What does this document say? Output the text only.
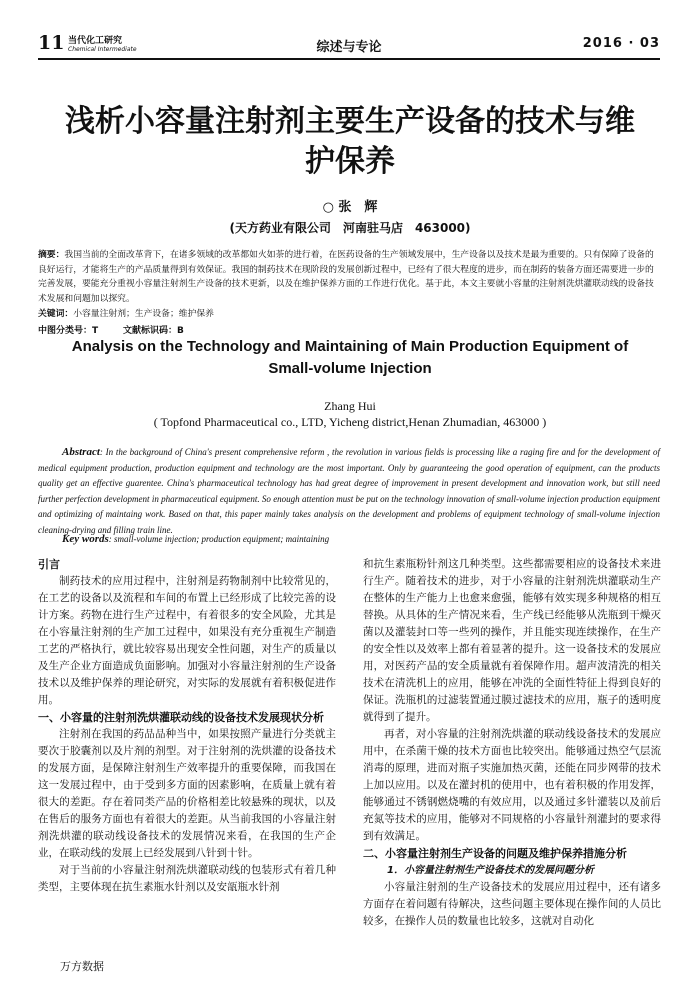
11 当代化工研究
Chemical Intermediate	综述与专论	2016 · 03
浅析小容量注射剂主要生产设备的技术与维护保养
○ 张　辉
(天方药业有限公司　河南驻马店　463000)
摘要：我国当前的全面改革背下，在诸多领域的改革都如火如荼的进行着，在医药设备的生产领域发展中，生产设备以及技术是最为重要的。只有保障了设备的良好运行，才能将生产的产品质量得到有效保证。我国的制药技术在现阶段的发展创新过程中，已经有了很大程度的进步，而在制药的装备方面还需要进一步的完善发展，要能充分重视小容量注射剂生产设备的技术更新，以及在维护保养方面的工作进行优化。基于此，本文主要就小容量的注射剂洗烘灌联动线的设备技术发展和问题加以探究。
关键词：小容量注射剂；生产设备；维护保养
中图分类号：T	文献标识码：B
Analysis on the Technology and Maintaining of Main Production Equipment of Small-volume Injection
Zhang Hui
( Topfond Pharmaceutical co., LTD, Yicheng district,Henan Zhumadian, 463000 )
Abstract: In the background of China's present comprehensive reform , the revolution in various fields is processing like a raging fire and for the development of medical equipment production, production equipment and technology are the most important. Only by guaranteeing the good operation of equipment, can the products quality get an effective guarentee. China's pharmaceutical technology has had great degree of improvement in present development and innovation work, but still need further perfection development in pharmaceutical equipment. So enough attention must be put on the technology innovation of small-volume injection production equipment and optimizing of maintaing work. Based on that, this paper mainly takes analysis on the development and problems of equipment technology of small-volume injection cleaning-drying and filling train line.
Key words: small-volume injection; production equipment; maintaining
引言

制药技术的应用过程中，注射剂是药物制剂中比较常见的，在工艺的设备以及流程和车间的布置上已经形成了比较完善的设计方案。药物在进行生产过程中，有着很多的安全风险，尤其是在小容量注射剂的生产加工过程中，如果没有充分重视生产制造工艺的严格执行，就比较容易出现安全性问题，对生产的质量以及生产企业方面造成负面影响。加强对小容量注射剂的生产设备技术以及维护保养的理论研究，对实际的发展就有着积极促进作用。

一、小容量的注射剂洗烘灌联动线的设备技术发展现状分析

注射剂在我国的药品品种当中，如果按照产量进行分类就主要次于胶囊剂以及片剂的剂型。对于注射剂的洗烘灌的设备技术的发展方面，是保障注射剂生产效率提升的重要保障，而我国在这一发展过程中，由于受到多方面的因素影响，在质量上就有着很大的差距。存在着同类产品的价格相差比较悬殊的现状，以及在售后的服务方面也有着很大的差距。从当前我国的小容量注射剂洗烘灌的联动线设备技术的发展情况来看，在我国的生产企业，在联动线的发展上已经发展到八针到十针。

对于当前的小容量注射剂洗烘灌联动线的包装形式有着几种类型，主要体现在抗生素瓶水针剂以及安瓿瓶水针剂

和抗生素瓶粉针剂这几种类型。这些都需要相应的设备技术来进行生产。随着技术的进步，对于小容量的注射剂洗烘灌联动生产在整体的生产能力上也愈来愈强，能够有效实现多种规格的相互替换。从具体的生产情况来看，生产线已经能够从洗瓶到干燥灭菌以及灌装封口等一些列的操作，并且能实现连续操作，在生产的安全性以及效率上都有着显著的提升。这一设备技术的发展应用，对医药产品的安全质量就有着保障作用。超声波清洗的相关技术在清洗机上的应用，能够在冲洗的全面性特征上得到良好的保证。洗瓶机的过滤装置通过膜过滤技术的应用，瓶子的透明度就得到了提升。

再者，对小容量的注射剂洗烘灌的联动线设备技术的发展应用中，在杀菌干燥的技术方面也比较突出。能够通过热空气层流消毒的原理，进而对瓶子实施加热灭菌，还能在同步网带的技术上加以应用。以及在灌封机的使用中，也有着积极的作用发挥，能够通过不锈钢燃烧嘴的有效应用，以及通过多针灌装以及前后充氮等技术的应用，能够对不同规格的小容量针剂灌封的要求得到有效满足。

二、小容量注射剂生产设备的问题及维护保养措施分析
1．小容量注射剂生产设备技术的发展问题分析

小容量注射剂的生产设备技术的发展应用过程中，还有诸多方面存在着问题有待解决，这些问题主要体现在操作间的人员比较多，在操作人员的数量也比较多，这就对自动化

万方数据
